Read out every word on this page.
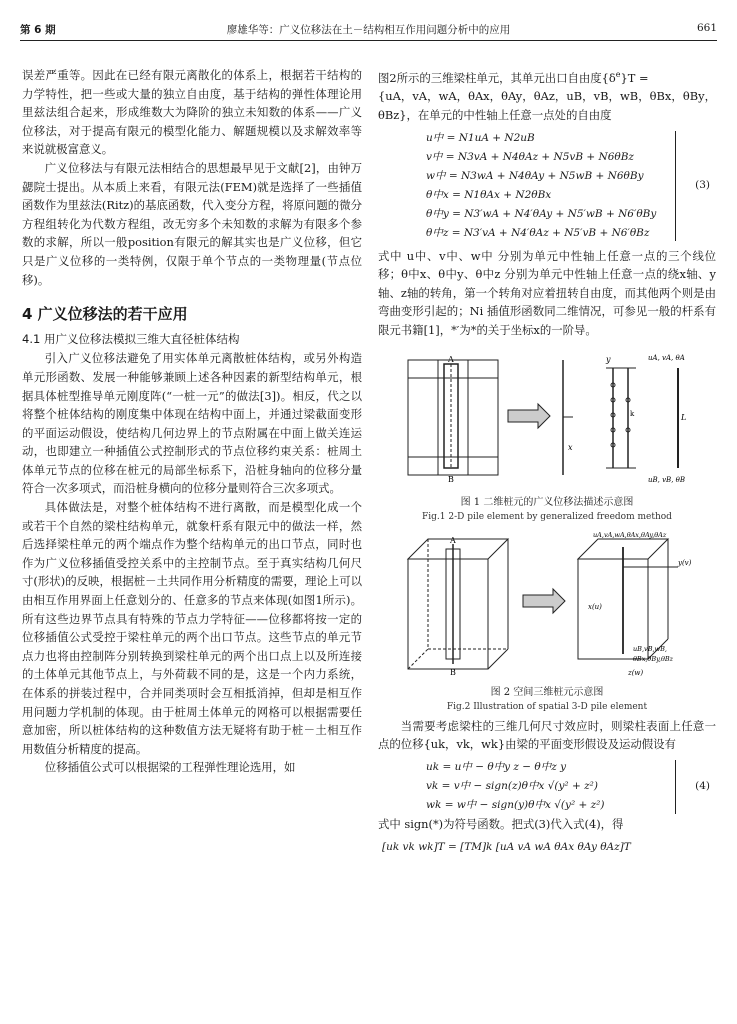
第 6 期	廖雄华等：广义位移法在土－结构相互作用问题分析中的应用	661

误差严重等。因此在已经有限元离散化的体系上，根据若干结构的力学特性，把一些或大量的独立自由度，基于结构的弹性体理论用里兹法组合起来，形成维数大为降阶的独立未知数的体系——广义位移法，对于提高有限元的模型化能力、解题规模以及求解效率等来说就极富意义。

广义位移法与有限元法相结合的思想最早见于文献[2]，由钟万勰院士提出。从本质上来看，有限元法(FEM)就是选择了一些插值函数作为里兹法(Ritz)的基底函数，代入变分方程，将原问题的微分方程组转化为代数方程组，改无穷多个未知数的求解为有限多个参数的求解，所以一般position有限元的解其实也是广义位移，但它只是广义位移的一类特例，仅限于单个节点的一类物理量(节点位移)。

4 广义位移法的若干应用
4.1 用广义位移法模拟三维大直径桩体结构

引入广义位移法避免了用实体单元离散桩体结构，或另外构造单元形函数、发展一种能够兼顾上述各种因素的新型结构单元，根据具体桩型推导单元刚度阵(“一桩一元”的做法[3])。相反，代之以将整个桩体结构的刚度集中体现在结构中面上，并通过梁截面变形的平面运动假设，使结构几何边界上的节点附属在中面上做关连运动，也即建立一种插值公式控制形式的节点位移约束关系：桩周土体单元节点的位移在桩元的局部坐标系下，沿桩身轴向的位移分量符合一次多项式，而沿桩身横向的位移分量则符合三次多项式。

具体做法是，对整个桩体结构不进行离散，而是模型化成一个或若干个自然的梁柱结构单元，就象杆系有限元中的做法一样，然后选择梁柱单元的两个端点作为整个结构单元的出口节点，同时也作为广义位移插值受控关系中的主控制节点。至于真实结构几何尺寸(形状)的反映，根据桩－土共同作用分析精度的需要，理论上可以由相互作用界面上任意划分的、任意多的节点来体现(如图1所示)。所有这些边界节点具有特殊的节点力学特征——位移都将按一定的位移插值公式受控于梁柱单元的两个出口节点。这些节点的单元节点力也将由控制阵分别转换到梁柱单元的两个出口点上以及所连接的土体单元其他节点上，与外荷载不同的是，这是一个内力系统，在体系的拼装过程中，合并同类项时会互相抵消掉，但却是相互作用问题力学机制的体现。由于桩周土体单元的网格可以根据需要任意加密，所以桩体结构的这种数值方法无疑将有助于桩－土相互作用数值分析精度的提高。

位移插值公式可以根据梁的工程弹性理论选用，如

图2所示的三维梁柱单元，其单元出口自由度$\{\delta^e\}T$ =

{uA，vA，wA，θAx，θAy，θAz，uB，vB，wB，θBx，θBy，θBz}，在单元的中性轴上任意一点处的自由度

u中 = N1uA + N2uB
v中 = N3vA + N4θAz + N5vB + N6θBz
w中 = N3wA + N4θAy + N5wB + N6θBy
θ中x = N1θAx + N2θBx
θ中y = N3′wA + N4′θAy + N5′wB + N6′θBy
θ中z = N3′vA + N4′θAz + N5′vB + N6′θBz
(3)

式中 u中、v中、w中 分别为单元中性轴上任意一点的三个线位移；θ中x、θ中y、θ中z 分别为单元中性轴上任意一点的绕x轴、y轴、z轴的转角，第一个转角对应着扭转自由度，而其他两个则是由弯曲变形引起的；Ni 插值形函数同二维情况，可参见一般的杆系有限元书籍[1]，*′为*的关于坐标x的一阶导。

A
B
x
y
k	L
uA, vA, θA
uB, vB, θB
图 1 二维桩元的广义位移法描述示意图
Fig.1 2-D pile element by generalized freedom method
A
B
x(u)
y(v)
z(w)
uA,vA,wA,θAx,θAy,θAz
uB,vB,wB,
θBx,θBy,θBz
图 2 空间三维桩元示意图
Fig.2 Illustration of spatial 3-D pile element

当需要考虑梁柱的三维几何尺寸效应时，则梁柱表面上任意一点的位移{uk，vk，wk}由梁的平面变形假设及运动假设有

uk = u中 − θ中y z − θ中z y
vk = v中 − sign(z)θ中x √(y² + z²)
wk = w中 − sign(y)θ中x √(y² + z²)
(4)

式中 sign(*)为符号函数。把式(3)代入式(4)，得

[uk vk wk]T = [TM]k [uA vA wA θAx θAy θAz]T
